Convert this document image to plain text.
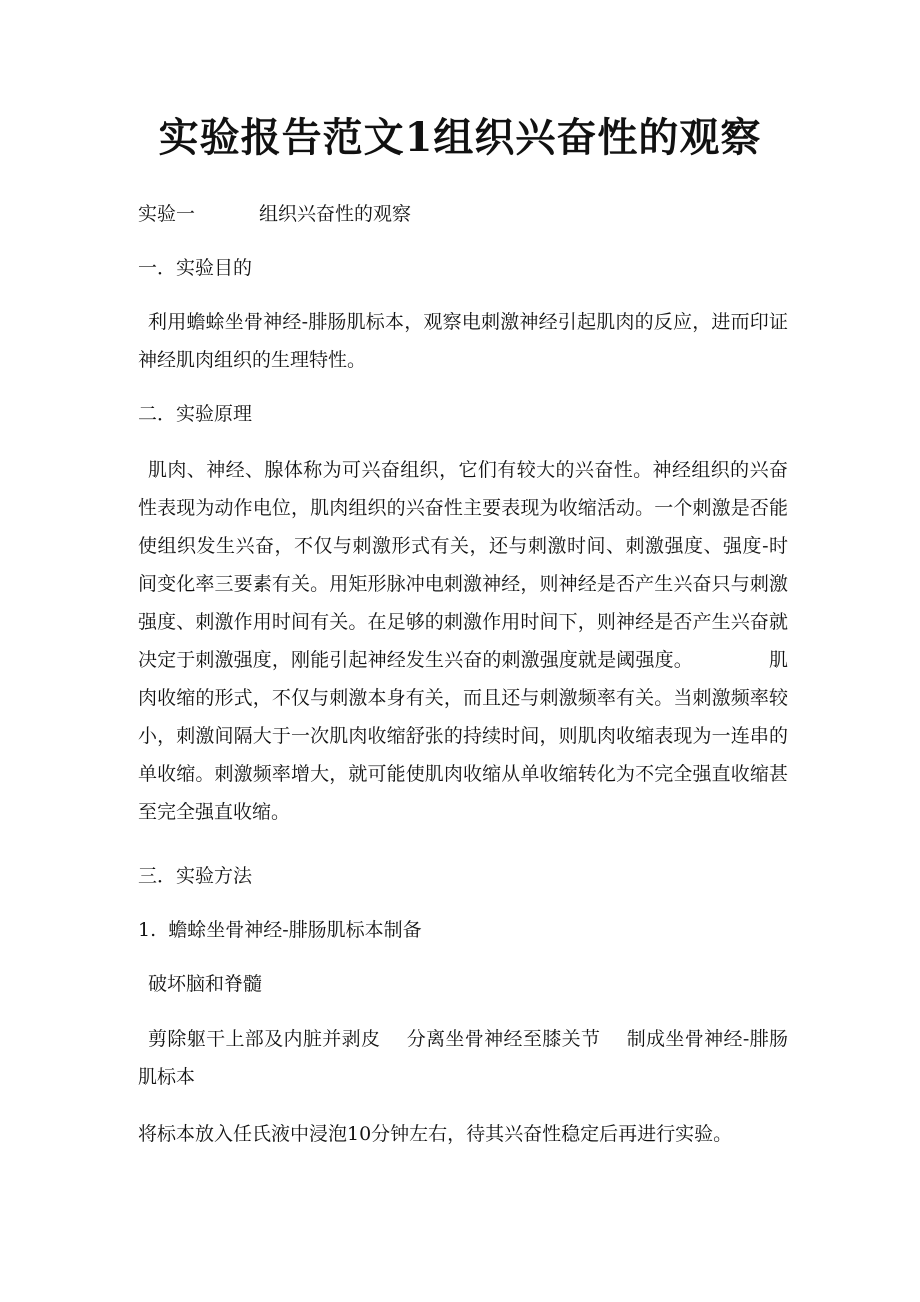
实验报告范文1组织兴奋性的观察

实验一	组织兴奋性的观察

一．实验目的

利用蟾蜍坐骨神经-腓肠肌标本，观察电刺激神经引起肌肉的反应，进而印证神经肌肉组织的生理特性。

二．实验原理

肌肉、神经、腺体称为可兴奋组织，它们有较大的兴奋性。神经组织的兴奋性表现为动作电位，肌肉组织的兴奋性主要表现为收缩活动。一个刺激是否能使组织发生兴奋，不仅与刺激形式有关，还与刺激时间、刺激强度、强度-时间变化率三要素有关。用矩形脉冲电刺激神经，则神经是否产生兴奋只与刺激强度、刺激作用时间有关。在足够的刺激作用时间下，则神经是否产生兴奋就决定于刺激强度，刚能引起神经发生兴奋的刺激强度就是阈强度。	肌肉收缩的形式，不仅与刺激本身有关，而且还与刺激频率有关。当刺激频率较小，刺激间隔大于一次肌肉收缩舒张的持续时间，则肌肉收缩表现为一连串的单收缩。刺激频率增大，就可能使肌肉收缩从单收缩转化为不完全强直收缩甚至完全强直收缩。

三．实验方法

1.  蟾蜍坐骨神经-腓肠肌标本制备

破坏脑和脊髓

剪除躯干上部及内脏并剥皮 分离坐骨神经至膝关节 制成坐骨神经-腓肠肌标本

将标本放入任氏液中浸泡10分钟左右，待其兴奋性稳定后再进行实验。
